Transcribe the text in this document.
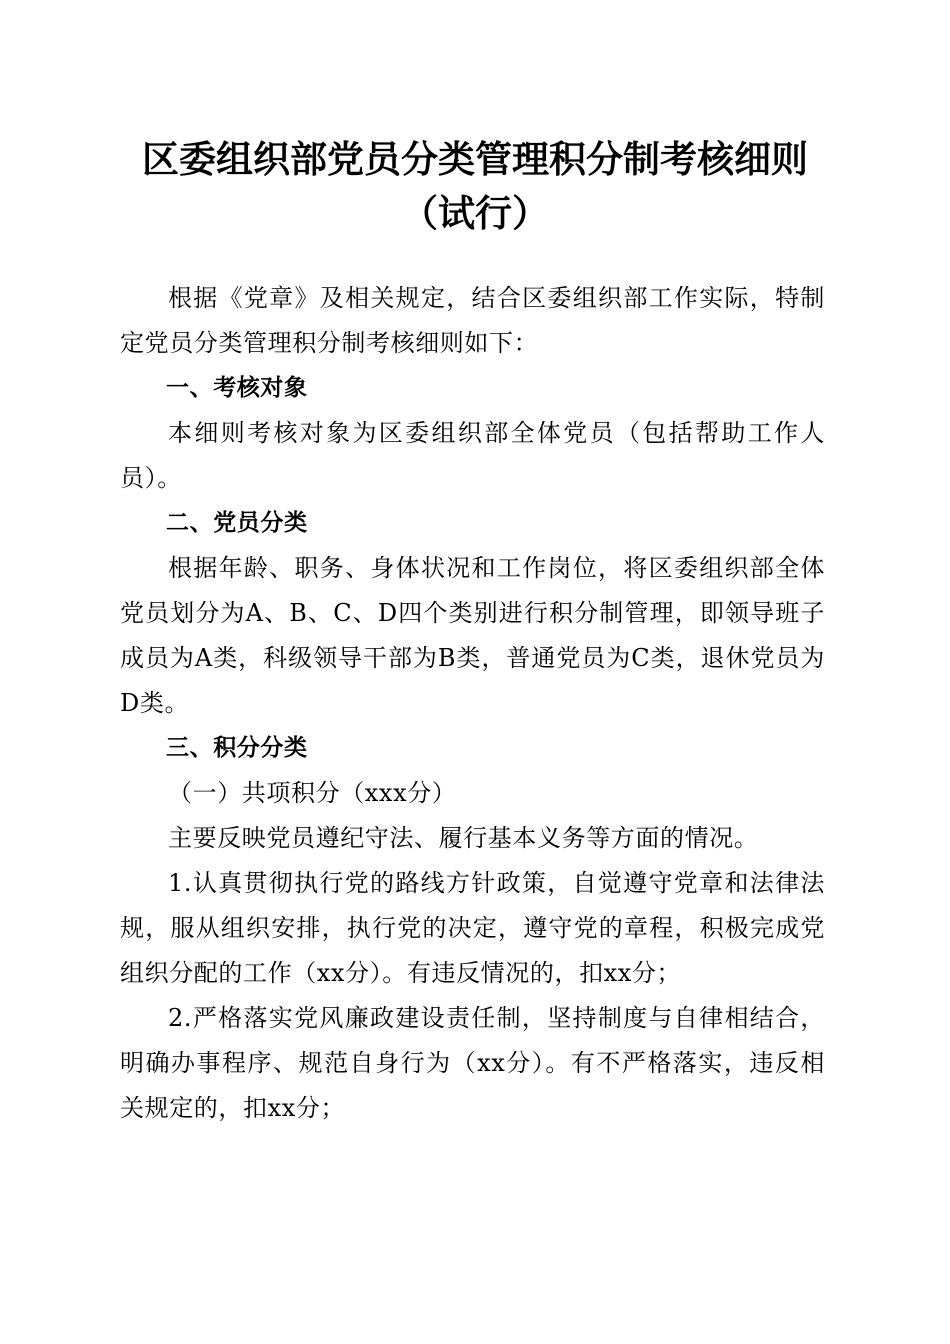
区委组织部党员分类管理积分制考核细则（试行）

根据《党章》及相关规定，结合区委组织部工作实际，特制定党员分类管理积分制考核细则如下：

一、考核对象

本细则考核对象为区委组织部全体党员（包括帮助工作人员）。

二、党员分类

根据年龄、职务、身体状况和工作岗位，将区委组织部全体党员划分为A、B、C、D四个类别进行积分制管理，即领导班子成员为A类，科级领导干部为B类，普通党员为C类，退休党员为D类。

三、积分分类

（一）共项积分（xxx分）

主要反映党员遵纪守法、履行基本义务等方面的情况。

1.认真贯彻执行党的路线方针政策，自觉遵守党章和法律法规，服从组织安排，执行党的决定，遵守党的章程，积极完成党组织分配的工作（xx分）。有违反情况的，扣xx分；

2.严格落实党风廉政建设责任制，坚持制度与自律相结合，明确办事程序、规范自身行为（xx分）。有不严格落实，违反相关规定的，扣xx分；
